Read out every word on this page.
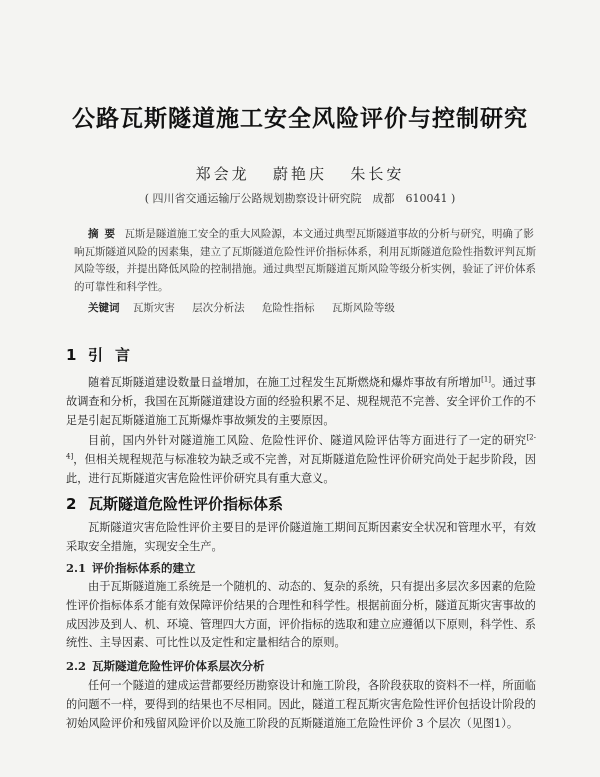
公路瓦斯隧道施工安全风险评价与控制研究
郑会龙 蔚艳庆 朱长安
( 四川省交通运输厅公路规划勘察设计研究院　成都　610041 )
摘要 瓦斯是隧道施工安全的重大风险源，本文通过典型瓦斯隧道事故的分析与研究，明确了影响瓦斯隧道风险的因素集，建立了瓦斯隧道危险性评价指标体系，利用瓦斯隧道危险性指数评判瓦斯风险等级，并提出降低风险的控制措施。通过典型瓦斯隧道瓦斯风险等级分析实例，验证了评价体系的可靠性和科学性。
关键词 瓦斯灾害 层次分析法 危险性指标 瓦斯风险等级
1 引言
随着瓦斯隧道建设数量日益增加，在施工过程发生瓦斯燃烧和爆炸事故有所增加[1]。通过事故调查和分析，我国在瓦斯隧道建设方面的经验积累不足、规程规范不完善、安全评价工作的不足是引起瓦斯隧道施工瓦斯爆炸事故频发的主要原因。
目前，国内外针对隧道施工风险、危险性评价、隧道风险评估等方面进行了一定的研究[2-4]，但相关规程规范与标准较为缺乏或不完善，对瓦斯隧道危险性评价研究尚处于起步阶段，因此，进行瓦斯隧道灾害危险性评价研究具有重大意义。
2 瓦斯隧道危险性评价指标体系
瓦斯隧道灾害危险性评价主要目的是评价隧道施工期间瓦斯因素安全状况和管理水平，有效采取安全措施，实现安全生产。
2.1 评价指标体系的建立
由于瓦斯隧道施工系统是一个随机的、动态的、复杂的系统，只有提出多层次多因素的危险性评价指标体系才能有效保障评价结果的合理性和科学性。根据前面分析，隧道瓦斯灾害事故的成因涉及到人、机、环境、管理四大方面，评价指标的选取和建立应遵循以下原则，科学性、系统性、主导因素、可比性以及定性和定量相结合的原则。
2.2 瓦斯隧道危险性评价体系层次分析
任何一个隧道的建成运营都要经历勘察设计和施工阶段，各阶段获取的资料不一样，所面临的问题不一样，要得到的结果也不尽相同。因此，隧道工程瓦斯灾害危险性评价包括设计阶段的初始风险评价和残留风险评价以及施工阶段的瓦斯隧道施工危险性评价 3 个层次（见图1）。
